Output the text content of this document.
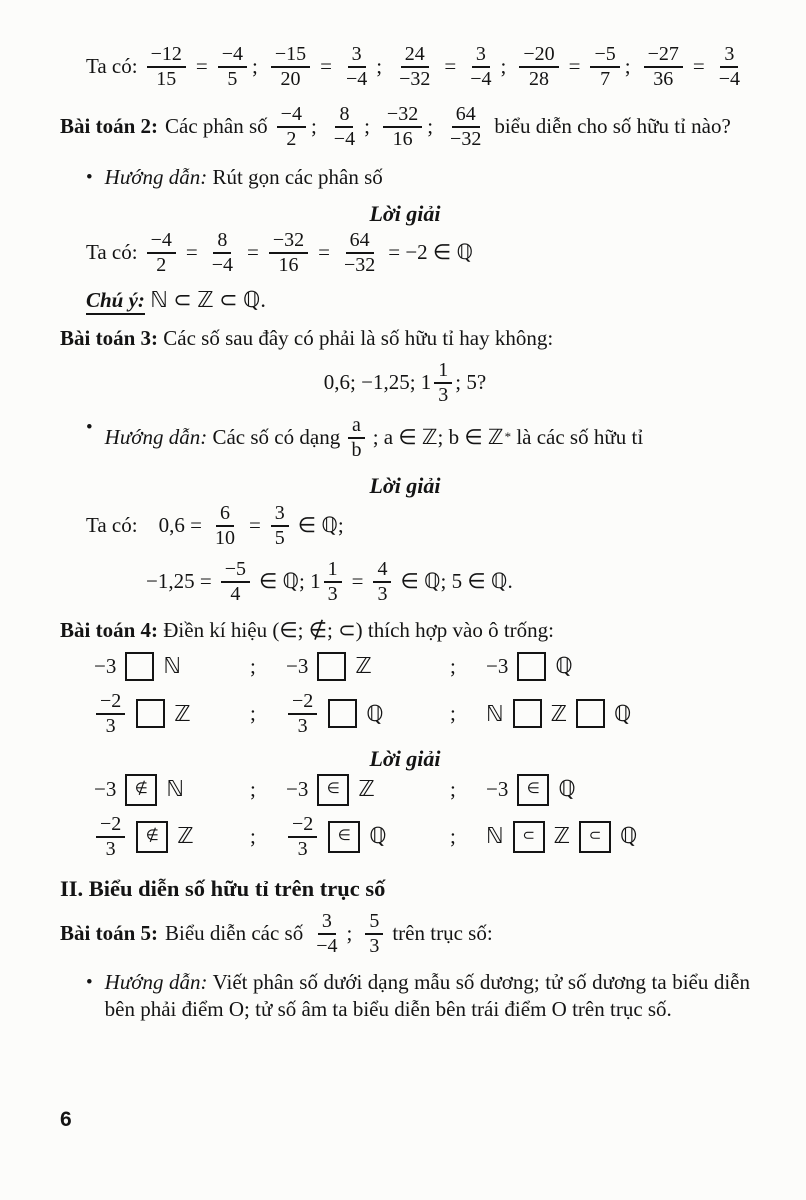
Ta có: $\frac{-12}{15} = \frac{-4}{5}$ ; $\frac{-15}{20} = \frac{3}{-4}$ ; $\frac{24}{-32} = \frac{3}{-4}$ ; $\frac{-20}{28} = \frac{-5}{7}$ ; $\frac{-27}{36} = \frac{3}{-4}$
Bài toán 2: Các phân số $\frac{-4}{2}$ ; $\frac{8}{-4}$ ; $\frac{-32}{16}$ ; $\frac{64}{-32}$ biểu diễn cho số hữu tỉ nào?
• Hướng dẫn: Rút gọn các phân số
Lời giải
Ta có: $\frac{-4}{2} = \frac{8}{-4} = \frac{-32}{16} = \frac{64}{-32} = -2$ ∈ ℚ
Chú ý: ℕ ⊂ ℤ ⊂ ℚ.
Bài toán 3: Các số sau đây có phải là số hữu tỉ hay không:
0,6; −1,25; $1 \frac{1}{3}$ ; 5?
• Hướng dẫn: Các số có dạng $\frac{a}{b}$
; a ∈ ℤ; b ∈ ℤ * là các số hữu tỉ
Lời giải
Ta có: $0,6 = \frac{6}{10} = \frac{3}{5}$ ∈ ℚ;
$-1,25 = \frac{-5}{4}$ ∈ ℚ; $1 \frac{1}{3} = \frac{4}{3}$ ∈ ℚ; 5 ∈ ℚ.
Bài toán 4: Điền kí hiệu (∈; ∉; ⊂) thích hợp vào ô trống:
−3 ℕ	;	−3 ℤ	;	−3 ℚ
$\frac{-2}{3}$ ℤ	;	$\frac{-2}{3}$ ℚ	;	ℕ ℤ ℚ
Lời giải
−3	∉ ℕ	;	−3	∈ ℤ	;	−3	∈ ℚ
$\frac{-2}{3}$	∉ ℤ	;	$\frac{-2}{3}$	∈ ℚ	;	ℕ	⊂ ℤ	⊂ ℚ
II. Biểu diễn số hữu tỉ trên trục số
Bài toán 5: Biểu diễn các số $\frac{3}{-4}$ ; $\frac{5}{3}$ trên trục số:
• Hướng dẫn: Viết phân số dưới dạng mẫu số dương; tử số dương ta biểu diễn bên phải điểm O; tử số âm ta biểu diễn bên trái điểm O trên trục số.
6
